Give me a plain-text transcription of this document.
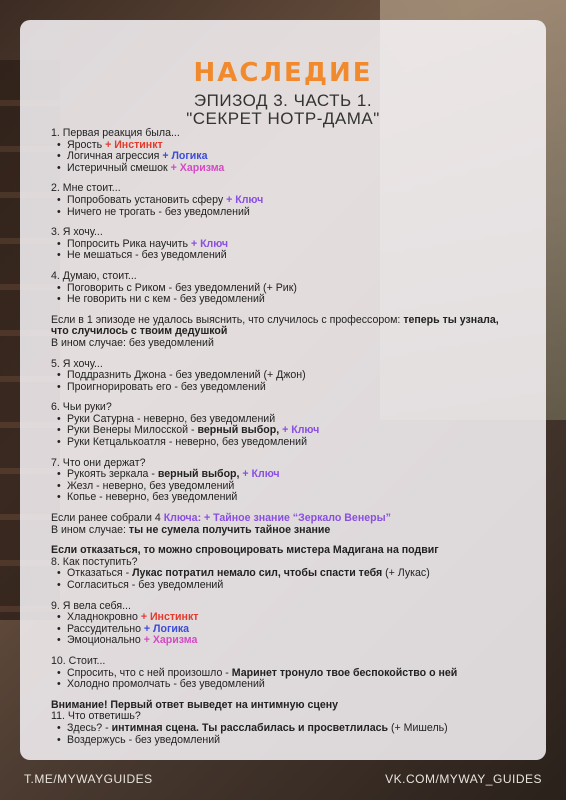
НАСЛЕДИЕ
ЭПИЗОД 3. ЧАСТЬ 1.
"СЕКРЕТ НОТР-ДАМА"

1. Первая реакция была...

• Ярость + Инстинкт

• Логичная агрессия + Логика

• Истеричный смешок + Харизма

2. Мне стоит...

• Попробовать установить сферу + Ключ

• Ничего не трогать - без уведомлений

3. Я хочу...

• Попросить Рика научить + Ключ

• Не мешаться - без уведомлений

4. Думаю, стоит...

• Поговорить с Риком - без уведомлений (+ Рик)

• Не говорить ни с кем - без уведомлений

Если в 1 эпизоде не удалось выяснить, что случилось с профессором: теперь ты узнала, что случилось с твоим дедушкой

В ином случае: без уведомлений

5. Я хочу...

• Поддразнить Джона - без уведомлений (+ Джон)

• Проигнорировать его - без уведомлений

6. Чьи руки?

• Руки Сатурна - неверно, без уведомлений

• Руки Венеры Милосской - верный выбор, + Ключ

• Руки Кетцалькоатля - неверно, без уведомлений

7. Что они держат?

• Рукоять зеркала - верный выбор, + Ключ

• Жезл - неверно, без уведомлений

• Копье - неверно, без уведомлений

Если ранее собрали 4 Ключа: + Тайное знание “Зеркало Венеры”

В ином случае: ты не сумела получить тайное знание

Если отказаться, то можно спровоцировать мистера Мадигана на подвиг

8. Как поступить?

• Отказаться - Лукас потратил немало сил, чтобы спасти тебя (+ Лукас)

• Согласиться - без уведомлений

9. Я вела себя...

• Хладнокровно + Инстинкт

• Рассудительно + Логика

• Эмоционально + Харизма

10. Стоит...

• Спросить, что с ней произошло - Маринет тронуло твое беспокойство о ней

• Холодно промолчать - без уведомлений

Внимание! Первый ответ выведет на интимную сцену

11. Что ответишь?

• Здесь? - интимная сцена. Ты расслабилась и просветлилась (+ Мишель)

• Воздержусь - без уведомлений

T.ME/MYWAYGUIDES	VK.COM/MYWAY_GUIDES
